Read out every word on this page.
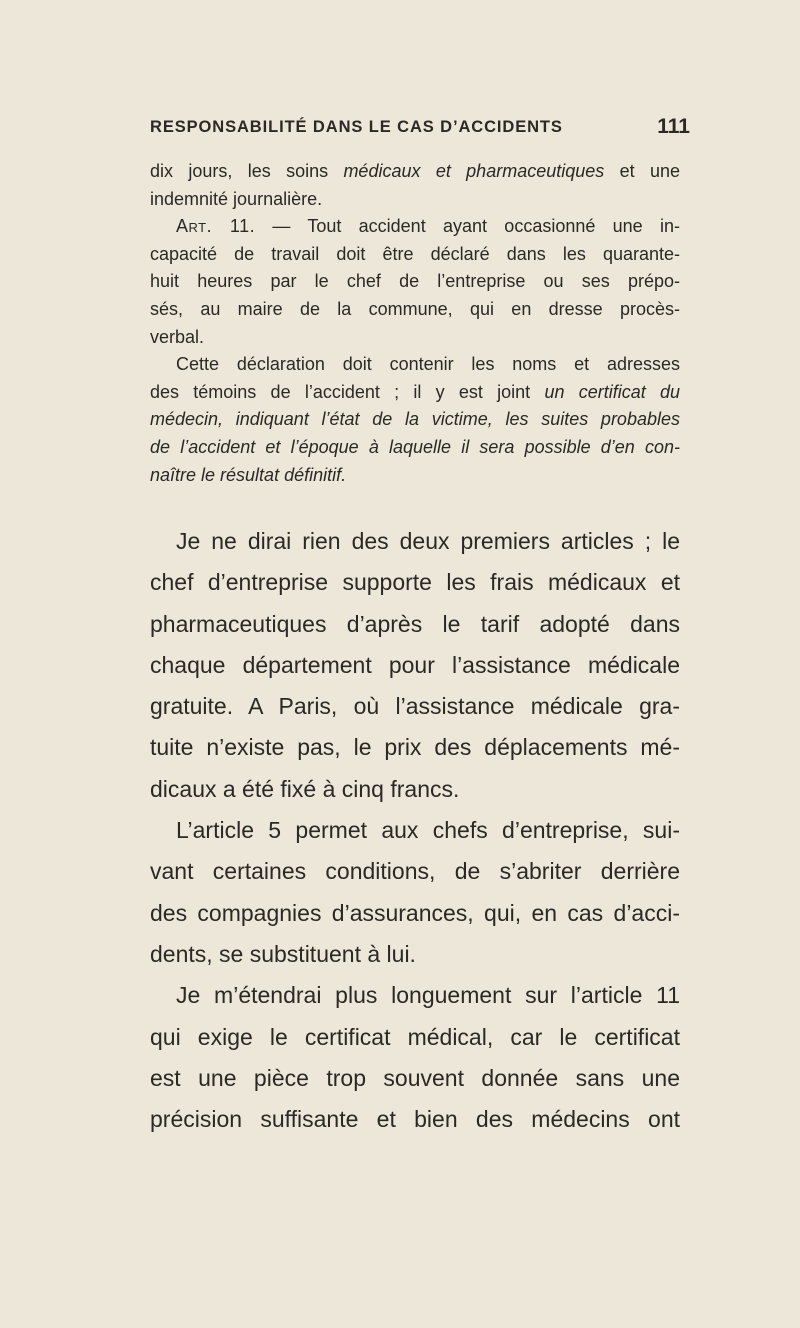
RESPONSABILITÉ DANS LE CAS D’ACCIDENTS	111
dix jours, les soins médicaux et pharmaceutiques et une
indemnité journalière.
Art. 11. — Tout accident ayant occasionné une in-
capacité de travail doit être déclaré dans les quarante-
huit heures par le chef de l’entreprise ou ses prépo-
sés, au maire de la commune, qui en dresse procès-
verbal.
Cette déclaration doit contenir les noms et adresses
des témoins de l’accident ; il y est joint un certificat du
médecin, indiquant l’état de la victime, les suites probables
de l’accident et l’époque à laquelle il sera possible d’en con-
naître le résultat définitif.
Je ne dirai rien des deux premiers articles ; le
chef d’entreprise supporte les frais médicaux et
pharmaceutiques d’après le tarif adopté dans
chaque département pour l’assistance médicale
gratuite. A Paris, où l’assistance médicale gra-
tuite n’existe pas, le prix des déplacements mé-
dicaux a été fixé à cinq francs.
L’article 5 permet aux chefs d’entreprise, sui-
vant certaines conditions, de s’abriter derrière
des compagnies d’assurances, qui, en cas d’acci-
dents, se substituent à lui.
Je m’étendrai plus longuement sur l’article 11
qui exige le certificat médical, car le certificat
est une pièce trop souvent donnée sans une
précision suffisante et bien des médecins ont
